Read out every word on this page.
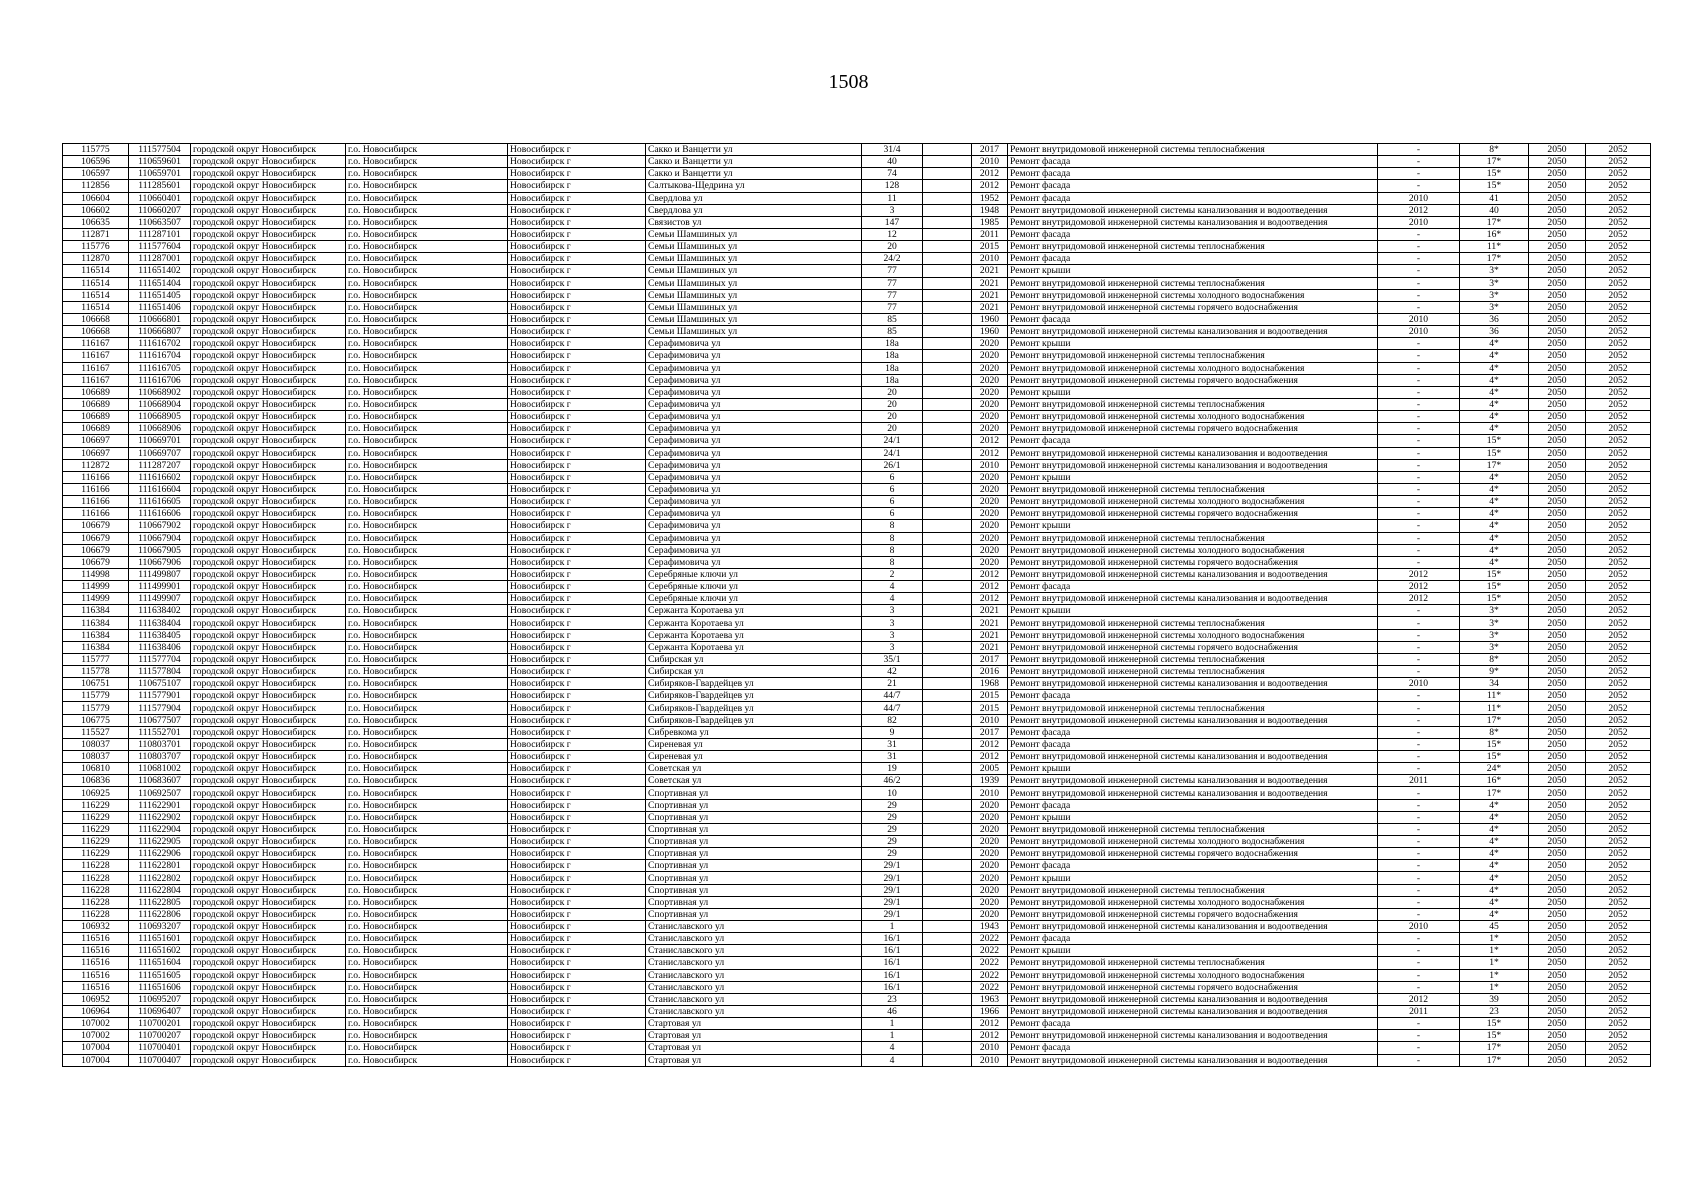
1508
115775	111577504	городской округ Новосибирск	г.о. Новосибирск	Новосибирск г	Сакко и Ванцетти ул	31/4		2017	Ремонт внутридомовой инженерной системы теплоснабжения	-	8*	2050	2052
106596	110659601	городской округ Новосибирск	г.о. Новосибирск	Новосибирск г	Сакко и Ванцетти ул	40		2010	Ремонт фасада	-	17*	2050	2052
106597	110659701	городской округ Новосибирск	г.о. Новосибирск	Новосибирск г	Сакко и Ванцетти ул	74		2012	Ремонт фасада	-	15*	2050	2052
112856	111285601	городской округ Новосибирск	г.о. Новосибирск	Новосибирск г	Салтыкова-Щедрина ул	128		2012	Ремонт фасада	-	15*	2050	2052
106604	110660401	городской округ Новосибирск	г.о. Новосибирск	Новосибирск г	Свердлова ул	11		1952	Ремонт фасада	2010	41	2050	2052
106602	110660207	городской округ Новосибирск	г.о. Новосибирск	Новосибирск г	Свердлова ул	3		1948	Ремонт внутридомовой инженерной системы канализования и водоотведения	2012	40	2050	2052
106635	110663507	городской округ Новосибирск	г.о. Новосибирск	Новосибирск г	Связистов ул	147		1985	Ремонт внутридомовой инженерной системы канализования и водоотведения	2010	17*	2050	2052
112871	111287101	городской округ Новосибирск	г.о. Новосибирск	Новосибирск г	Семьи Шамшиных ул	12		2011	Ремонт фасада	-	16*	2050	2052
115776	111577604	городской округ Новосибирск	г.о. Новосибирск	Новосибирск г	Семьи Шамшиных ул	20		2015	Ремонт внутридомовой инженерной системы теплоснабжения	-	11*	2050	2052
112870	111287001	городской округ Новосибирск	г.о. Новосибирск	Новосибирск г	Семьи Шамшиных ул	24/2		2010	Ремонт фасада	-	17*	2050	2052
116514	111651402	городской округ Новосибирск	г.о. Новосибирск	Новосибирск г	Семьи Шамшиных ул	77		2021	Ремонт крыши	-	3*	2050	2052
116514	111651404	городской округ Новосибирск	г.о. Новосибирск	Новосибирск г	Семьи Шамшиных ул	77		2021	Ремонт внутридомовой инженерной системы теплоснабжения	-	3*	2050	2052
116514	111651405	городской округ Новосибирск	г.о. Новосибирск	Новосибирск г	Семьи Шамшиных ул	77		2021	Ремонт внутридомовой инженерной системы холодного водоснабжения	-	3*	2050	2052
116514	111651406	городской округ Новосибирск	г.о. Новосибирск	Новосибирск г	Семьи Шамшиных ул	77		2021	Ремонт внутридомовой инженерной системы горячего водоснабжения	-	3*	2050	2052
106668	110666801	городской округ Новосибирск	г.о. Новосибирск	Новосибирск г	Семьи Шамшиных ул	85		1960	Ремонт фасада	2010	36	2050	2052
106668	110666807	городской округ Новосибирск	г.о. Новосибирск	Новосибирск г	Семьи Шамшиных ул	85		1960	Ремонт внутридомовой инженерной системы канализования и водоотведения	2010	36	2050	2052
116167	111616702	городской округ Новосибирск	г.о. Новосибирск	Новосибирск г	Серафимовича ул	18а		2020	Ремонт крыши	-	4*	2050	2052
116167	111616704	городской округ Новосибирск	г.о. Новосибирск	Новосибирск г	Серафимовича ул	18а		2020	Ремонт внутридомовой инженерной системы теплоснабжения	-	4*	2050	2052
116167	111616705	городской округ Новосибирск	г.о. Новосибирск	Новосибирск г	Серафимовича ул	18а		2020	Ремонт внутридомовой инженерной системы холодного водоснабжения	-	4*	2050	2052
116167	111616706	городской округ Новосибирск	г.о. Новосибирск	Новосибирск г	Серафимовича ул	18а		2020	Ремонт внутридомовой инженерной системы горячего водоснабжения	-	4*	2050	2052
106689	110668902	городской округ Новосибирск	г.о. Новосибирск	Новосибирск г	Серафимовича ул	20		2020	Ремонт крыши	-	4*	2050	2052
106689	110668904	городской округ Новосибирск	г.о. Новосибирск	Новосибирск г	Серафимовича ул	20		2020	Ремонт внутридомовой инженерной системы теплоснабжения	-	4*	2050	2052
106689	110668905	городской округ Новосибирск	г.о. Новосибирск	Новосибирск г	Серафимовича ул	20		2020	Ремонт внутридомовой инженерной системы холодного водоснабжения	-	4*	2050	2052
106689	110668906	городской округ Новосибирск	г.о. Новосибирск	Новосибирск г	Серафимовича ул	20		2020	Ремонт внутридомовой инженерной системы горячего водоснабжения	-	4*	2050	2052
106697	110669701	городской округ Новосибирск	г.о. Новосибирск	Новосибирск г	Серафимовича ул	24/1		2012	Ремонт фасада	-	15*	2050	2052
106697	110669707	городской округ Новосибирск	г.о. Новосибирск	Новосибирск г	Серафимовича ул	24/1		2012	Ремонт внутридомовой инженерной системы канализования и водоотведения	-	15*	2050	2052
112872	111287207	городской округ Новосибирск	г.о. Новосибирск	Новосибирск г	Серафимовича ул	26/1		2010	Ремонт внутридомовой инженерной системы канализования и водоотведения	-	17*	2050	2052
116166	111616602	городской округ Новосибирск	г.о. Новосибирск	Новосибирск г	Серафимовича ул	6		2020	Ремонт крыши	-	4*	2050	2052
116166	111616604	городской округ Новосибирск	г.о. Новосибирск	Новосибирск г	Серафимовича ул	6		2020	Ремонт внутридомовой инженерной системы теплоснабжения	-	4*	2050	2052
116166	111616605	городской округ Новосибирск	г.о. Новосибирск	Новосибирск г	Серафимовича ул	6		2020	Ремонт внутридомовой инженерной системы холодного водоснабжения	-	4*	2050	2052
116166	111616606	городской округ Новосибирск	г.о. Новосибирск	Новосибирск г	Серафимовича ул	6		2020	Ремонт внутридомовой инженерной системы горячего водоснабжения	-	4*	2050	2052
106679	110667902	городской округ Новосибирск	г.о. Новосибирск	Новосибирск г	Серафимовича ул	8		2020	Ремонт крыши	-	4*	2050	2052
106679	110667904	городской округ Новосибирск	г.о. Новосибирск	Новосибирск г	Серафимовича ул	8		2020	Ремонт внутридомовой инженерной системы теплоснабжения	-	4*	2050	2052
106679	110667905	городской округ Новосибирск	г.о. Новосибирск	Новосибирск г	Серафимовича ул	8		2020	Ремонт внутридомовой инженерной системы холодного водоснабжения	-	4*	2050	2052
106679	110667906	городской округ Новосибирск	г.о. Новосибирск	Новосибирск г	Серафимовича ул	8		2020	Ремонт внутридомовой инженерной системы горячего водоснабжения	-	4*	2050	2052
114998	111499807	городской округ Новосибирск	г.о. Новосибирск	Новосибирск г	Серебряные ключи ул	2		2012	Ремонт внутридомовой инженерной системы канализования и водоотведения	2012	15*	2050	2052
114999	111499901	городской округ Новосибирск	г.о. Новосибирск	Новосибирск г	Серебряные ключи ул	4		2012	Ремонт фасада	2012	15*	2050	2052
114999	111499907	городской округ Новосибирск	г.о. Новосибирск	Новосибирск г	Серебряные ключи ул	4		2012	Ремонт внутридомовой инженерной системы канализования и водоотведения	2012	15*	2050	2052
116384	111638402	городской округ Новосибирск	г.о. Новосибирск	Новосибирск г	Сержанта Коротаева ул	3		2021	Ремонт крыши	-	3*	2050	2052
116384	111638404	городской округ Новосибирск	г.о. Новосибирск	Новосибирск г	Сержанта Коротаева ул	3		2021	Ремонт внутридомовой инженерной системы теплоснабжения	-	3*	2050	2052
116384	111638405	городской округ Новосибирск	г.о. Новосибирск	Новосибирск г	Сержанта Коротаева ул	3		2021	Ремонт внутридомовой инженерной системы холодного водоснабжения	-	3*	2050	2052
116384	111638406	городской округ Новосибирск	г.о. Новосибирск	Новосибирск г	Сержанта Коротаева ул	3		2021	Ремонт внутридомовой инженерной системы горячего водоснабжения	-	3*	2050	2052
115777	111577704	городской округ Новосибирск	г.о. Новосибирск	Новосибирск г	Сибирская ул	35/1		2017	Ремонт внутридомовой инженерной системы теплоснабжения	-	8*	2050	2052
115778	111577804	городской округ Новосибирск	г.о. Новосибирск	Новосибирск г	Сибирская ул	42		2016	Ремонт внутридомовой инженерной системы теплоснабжения	-	9*	2050	2052
106751	110675107	городской округ Новосибирск	г.о. Новосибирск	Новосибирск г	Сибиряков-Гвардейцев ул	21		1968	Ремонт внутридомовой инженерной системы канализования и водоотведения	2010	34	2050	2052
115779	111577901	городской округ Новосибирск	г.о. Новосибирск	Новосибирск г	Сибиряков-Гвардейцев ул	44/7		2015	Ремонт фасада	-	11*	2050	2052
115779	111577904	городской округ Новосибирск	г.о. Новосибирск	Новосибирск г	Сибиряков-Гвардейцев ул	44/7		2015	Ремонт внутридомовой инженерной системы теплоснабжения	-	11*	2050	2052
106775	110677507	городской округ Новосибирск	г.о. Новосибирск	Новосибирск г	Сибиряков-Гвардейцев ул	82		2010	Ремонт внутридомовой инженерной системы канализования и водоотведения	-	17*	2050	2052
115527	111552701	городской округ Новосибирск	г.о. Новосибирск	Новосибирск г	Сибревкома ул	9		2017	Ремонт фасада	-	8*	2050	2052
108037	110803701	городской округ Новосибирск	г.о. Новосибирск	Новосибирск г	Сиреневая ул	31		2012	Ремонт фасада	-	15*	2050	2052
108037	110803707	городской округ Новосибирск	г.о. Новосибирск	Новосибирск г	Сиреневая ул	31		2012	Ремонт внутридомовой инженерной системы канализования и водоотведения	-	15*	2050	2052
106810	110681002	городской округ Новосибирск	г.о. Новосибирск	Новосибирск г	Советская ул	19		2005	Ремонт крыши	-	24*	2050	2052
106836	110683607	городской округ Новосибирск	г.о. Новосибирск	Новосибирск г	Советская ул	46/2		1939	Ремонт внутридомовой инженерной системы канализования и водоотведения	2011	16*	2050	2052
106925	110692507	городской округ Новосибирск	г.о. Новосибирск	Новосибирск г	Спортивная ул	10		2010	Ремонт внутридомовой инженерной системы канализования и водоотведения	-	17*	2050	2052
116229	111622901	городской округ Новосибирск	г.о. Новосибирск	Новосибирск г	Спортивная ул	29		2020	Ремонт фасада	-	4*	2050	2052
116229	111622902	городской округ Новосибирск	г.о. Новосибирск	Новосибирск г	Спортивная ул	29		2020	Ремонт крыши	-	4*	2050	2052
116229	111622904	городской округ Новосибирск	г.о. Новосибирск	Новосибирск г	Спортивная ул	29		2020	Ремонт внутридомовой инженерной системы теплоснабжения	-	4*	2050	2052
116229	111622905	городской округ Новосибирск	г.о. Новосибирск	Новосибирск г	Спортивная ул	29		2020	Ремонт внутридомовой инженерной системы холодного водоснабжения	-	4*	2050	2052
116229	111622906	городской округ Новосибирск	г.о. Новосибирск	Новосибирск г	Спортивная ул	29		2020	Ремонт внутридомовой инженерной системы горячего водоснабжения	-	4*	2050	2052
116228	111622801	городской округ Новосибирск	г.о. Новосибирск	Новосибирск г	Спортивная ул	29/1		2020	Ремонт фасада	-	4*	2050	2052
116228	111622802	городской округ Новосибирск	г.о. Новосибирск	Новосибирск г	Спортивная ул	29/1		2020	Ремонт крыши	-	4*	2050	2052
116228	111622804	городской округ Новосибирск	г.о. Новосибирск	Новосибирск г	Спортивная ул	29/1		2020	Ремонт внутридомовой инженерной системы теплоснабжения	-	4*	2050	2052
116228	111622805	городской округ Новосибирск	г.о. Новосибирск	Новосибирск г	Спортивная ул	29/1		2020	Ремонт внутридомовой инженерной системы холодного водоснабжения	-	4*	2050	2052
116228	111622806	городской округ Новосибирск	г.о. Новосибирск	Новосибирск г	Спортивная ул	29/1		2020	Ремонт внутридомовой инженерной системы горячего водоснабжения	-	4*	2050	2052
106932	110693207	городской округ Новосибирск	г.о. Новосибирск	Новосибирск г	Станиславского ул	1		1943	Ремонт внутридомовой инженерной системы канализования и водоотведения	2010	45	2050	2052
116516	111651601	городской округ Новосибирск	г.о. Новосибирск	Новосибирск г	Станиславского ул	16/1		2022	Ремонт фасада	-	1*	2050	2052
116516	111651602	городской округ Новосибирск	г.о. Новосибирск	Новосибирск г	Станиславского ул	16/1		2022	Ремонт крыши	-	1*	2050	2052
116516	111651604	городской округ Новосибирск	г.о. Новосибирск	Новосибирск г	Станиславского ул	16/1		2022	Ремонт внутридомовой инженерной системы теплоснабжения	-	1*	2050	2052
116516	111651605	городской округ Новосибирск	г.о. Новосибирск	Новосибирск г	Станиславского ул	16/1		2022	Ремонт внутридомовой инженерной системы холодного водоснабжения	-	1*	2050	2052
116516	111651606	городской округ Новосибирск	г.о. Новосибирск	Новосибирск г	Станиславского ул	16/1		2022	Ремонт внутридомовой инженерной системы горячего водоснабжения	-	1*	2050	2052
106952	110695207	городской округ Новосибирск	г.о. Новосибирск	Новосибирск г	Станиславского ул	23		1963	Ремонт внутридомовой инженерной системы канализования и водоотведения	2012	39	2050	2052
106964	110696407	городской округ Новосибирск	г.о. Новосибирск	Новосибирск г	Станиславского ул	46		1966	Ремонт внутридомовой инженерной системы канализования и водоотведения	2011	23	2050	2052
107002	110700201	городской округ Новосибирск	г.о. Новосибирск	Новосибирск г	Стартовая ул	1		2012	Ремонт фасада	-	15*	2050	2052
107002	110700207	городской округ Новосибирск	г.о. Новосибирск	Новосибирск г	Стартовая ул	1		2012	Ремонт внутридомовой инженерной системы канализования и водоотведения	-	15*	2050	2052
107004	110700401	городской округ Новосибирск	г.о. Новосибирск	Новосибирск г	Стартовая ул	4		2010	Ремонт фасада	-	17*	2050	2052
107004	110700407	городской округ Новосибирск	г.о. Новосибирск	Новосибирск г	Стартовая ул	4		2010	Ремонт внутридомовой инженерной системы канализования и водоотведения	-	17*	2050	2052
